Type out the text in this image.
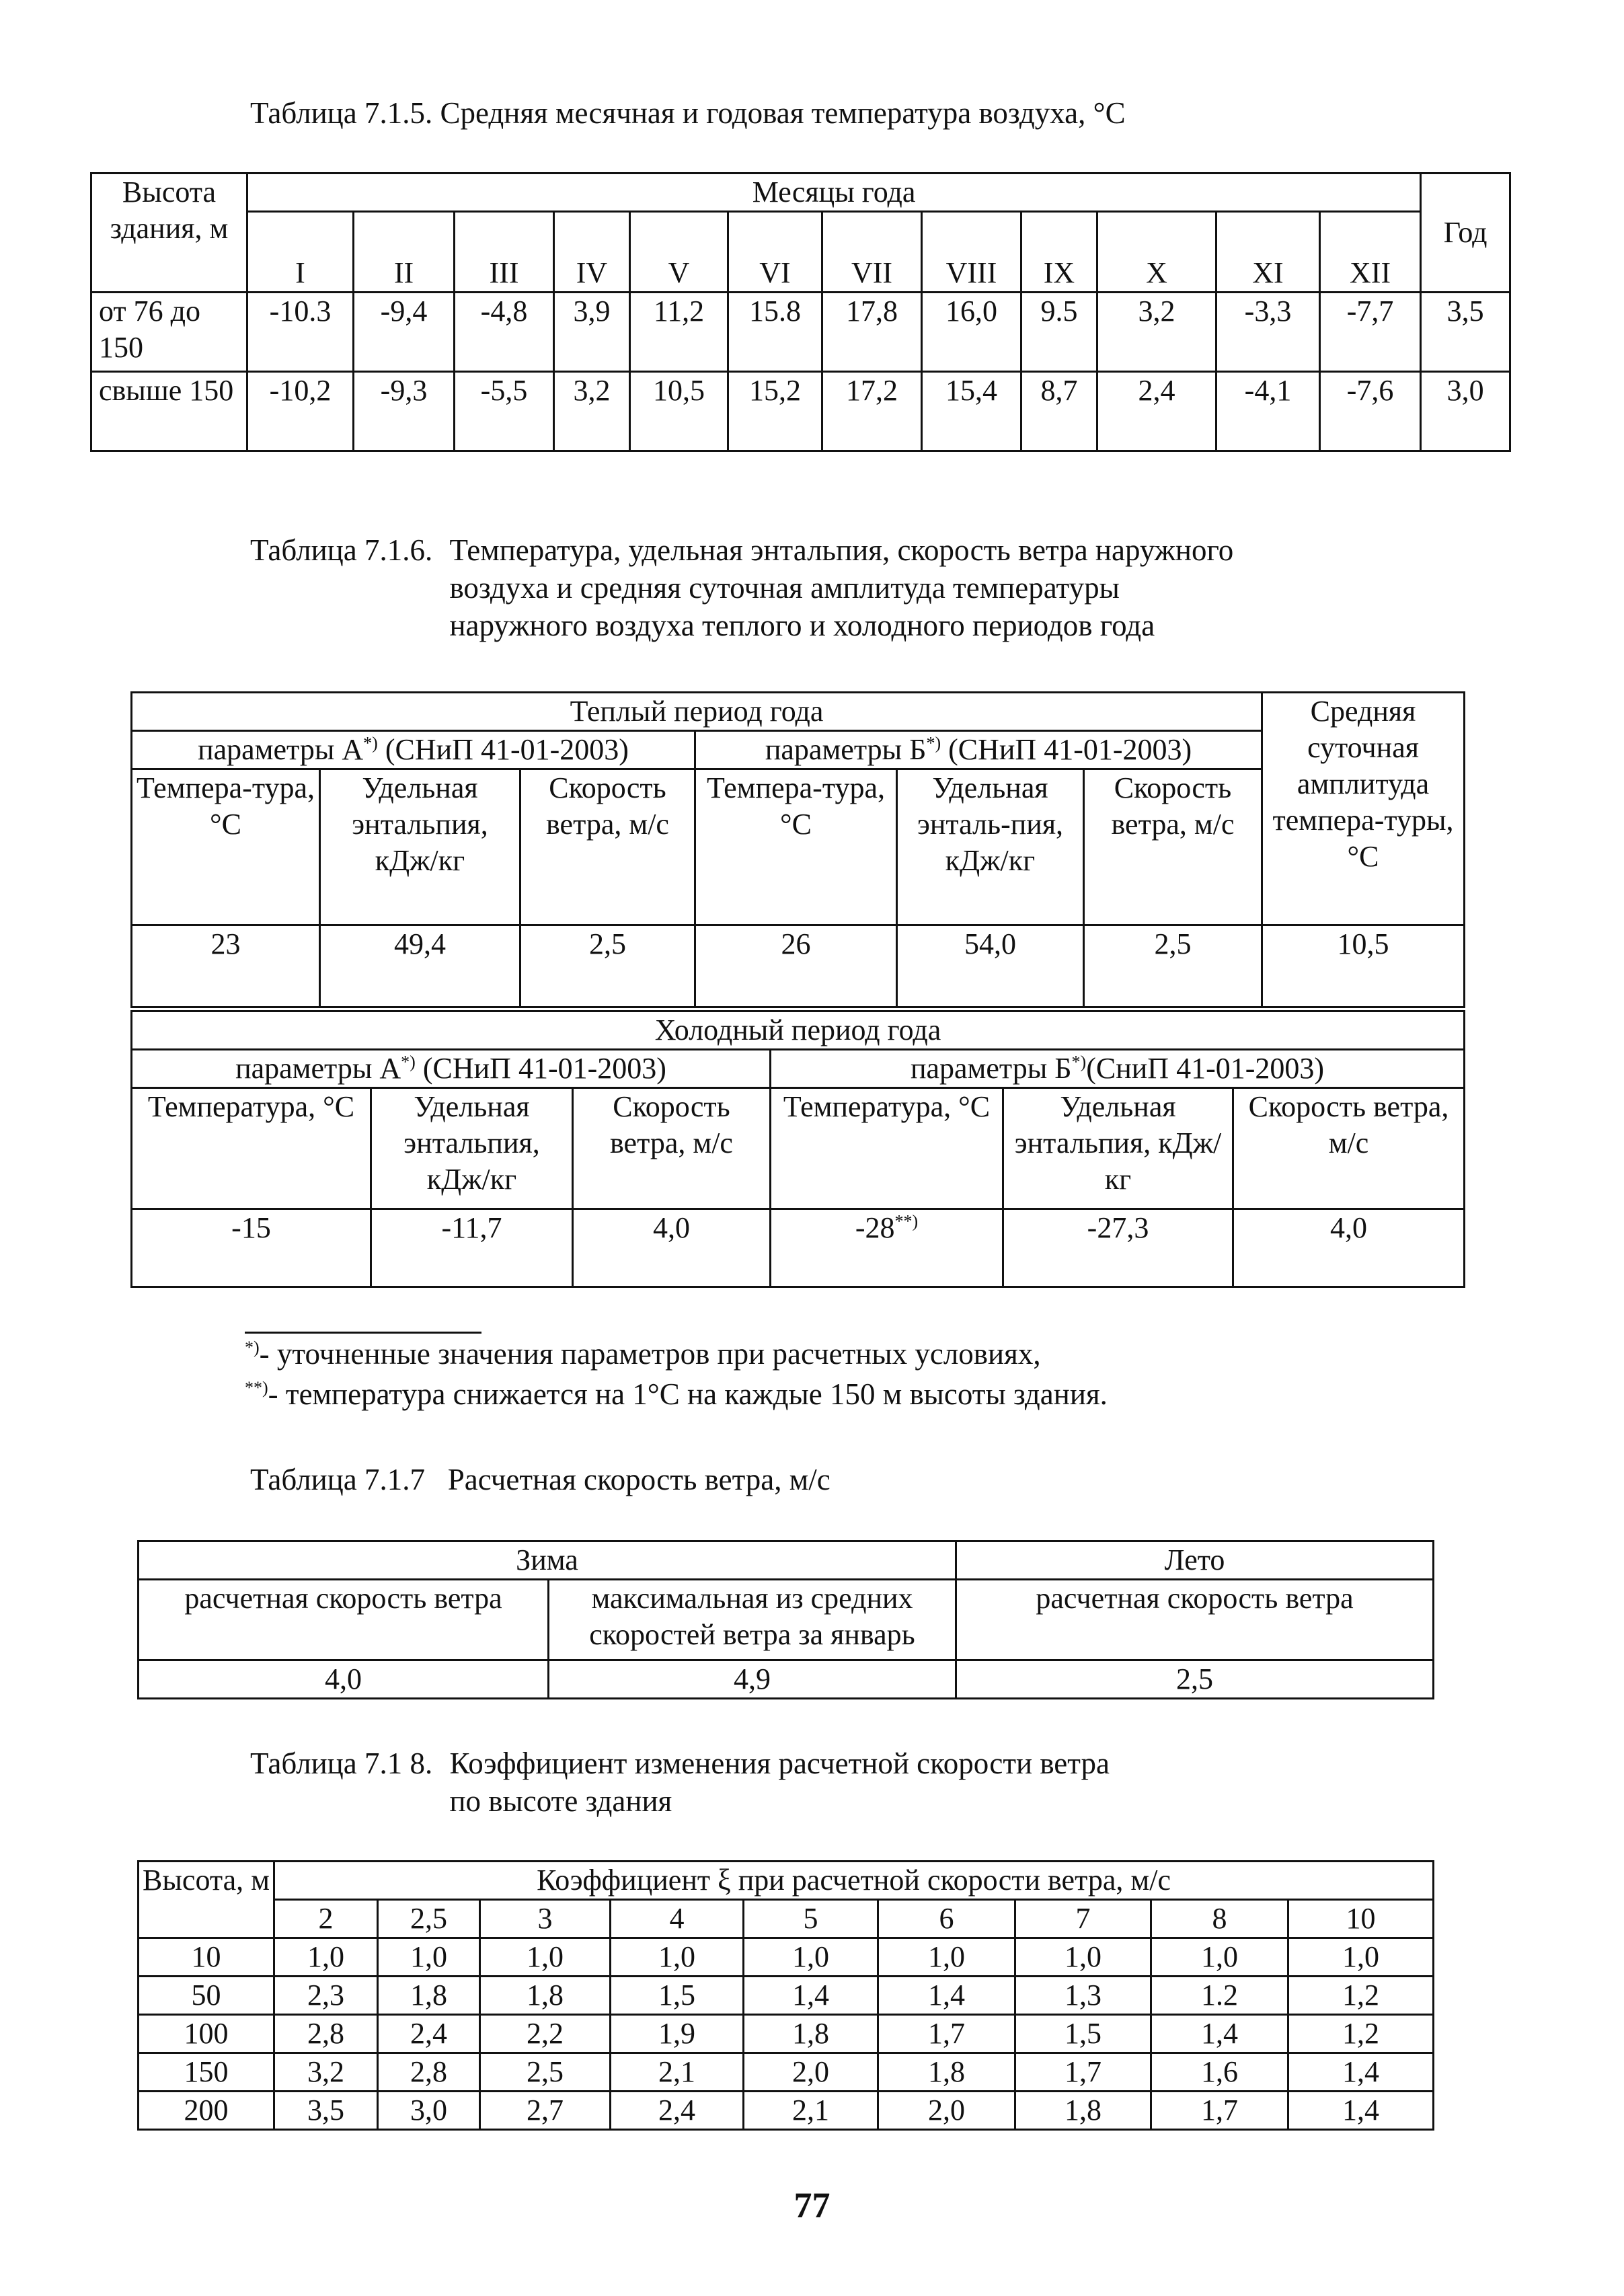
Таблица 7.1.5. Средняя месячная и годовая температура воздуха, °С
Высота здания, м	Месяцы года												Год
	I	II	III	IV	V	VI	VII	VIII	IX	X	XI	XII	
от 76 до 150	-10.3	-9,4	-4,8	3,9	11,2	15.8	17,8	16,0	9.5	3,2	-3,3	-7,7	3,5
свыше 150	-10,2	-9,3	-5,5	3,2	10,5	15,2	17,2	15,4	8,7	2,4	-4,1	-7,6	3,0
Таблица 7.1.6. Температура, удельная энтальпия, скорость ветра наружного
воздуха и средняя суточная амплитуда температуры
наружного воздуха теплого и холодного периодов года
Теплый период года						Средняя суточная амплитуда темпера-туры, °С
параметры А*) (СНиП 41-01-2003)			параметры Б*) (СНиП 41-01-2003)			
Темпера-тура, °С	Удельная энтальпия, кДж/кг	Скорость ветра, м/с	Темпера-тура, °С	Удельная энталь-пия, кДж/кг	Скорость ветра, м/с	
23	49,4	2,5	26	54,0	2,5	10,5
Холодный период года					
параметры А*) (СНиП 41-01-2003)			параметры Б*)(СниП 41-01-2003)		
Температура, °С	Удельная энтальпия, кДж/кг	Скорость ветра, м/с	Температура, °С	Удельная энтальпия, кДж/кг	Скорость ветра, м/с
-15	-11,7	4,0	-28**)	-27,3	4,0
*)- уточненные значения параметров при расчетных условиях,
**)- температура снижается на 1°С на каждые 150 м высоты здания.
Таблица 7.1.7   Расчетная скорость ветра, м/с
Зима		Лето
расчетная скорость ветра	максимальная из средних скоростей ветра за январь	расчетная скорость ветра
4,0	4,9	2,5
Таблица 7.1 8. Коэффициент изменения расчетной скорости ветра
по высоте здания
Высота, м	Коэффициент ξ при расчетной скорости ветра, м/с								
	2	2,5	3	4	5	6	7	8	10
10	1,0	1,0	1,0	1,0	1,0	1,0	1,0	1,0	1,0
50	2,3	1,8	1,8	1,5	1,4	1,4	1,3	1.2	1,2
100	2,8	2,4	2,2	1,9	1,8	1,7	1,5	1,4	1,2
150	3,2	2,8	2,5	2,1	2,0	1,8	1,7	1,6	1,4
200	3,5	3,0	2,7	2,4	2,1	2,0	1,8	1,7	1,4
77
